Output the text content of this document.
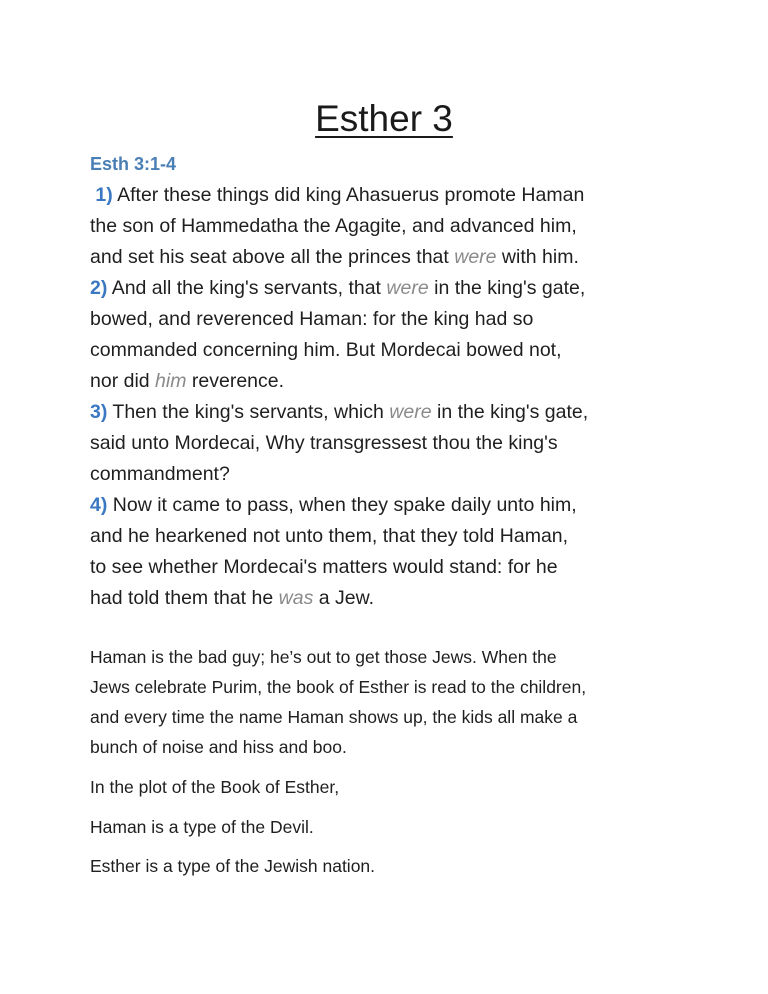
Esther 3
Esth 3:1-4
1) After these things did king Ahasuerus promote Haman
the son of Hammedatha the Agagite, and advanced him,
and set his seat above all the princes that were with him.
2) And all the king's servants, that were in the king's gate,
bowed, and reverenced Haman: for the king had so
commanded concerning him. But Mordecai bowed not,
nor did him reverence.
3) Then the king's servants, which were in the king's gate,
said unto Mordecai, Why transgressest thou the king's
commandment?
4) Now it came to pass, when they spake daily unto him,
and he hearkened not unto them, that they told Haman,
to see whether Mordecai's matters would stand: for he
had told them that he was a Jew.
Haman is the bad guy; he’s out to get those Jews. When the
Jews celebrate Purim, the book of Esther is read to the children,
and every time the name Haman shows up, the kids all make a
bunch of noise and hiss and boo.
In the plot of the Book of Esther,
Haman is a type of the Devil.
Esther is a type of the Jewish nation.
